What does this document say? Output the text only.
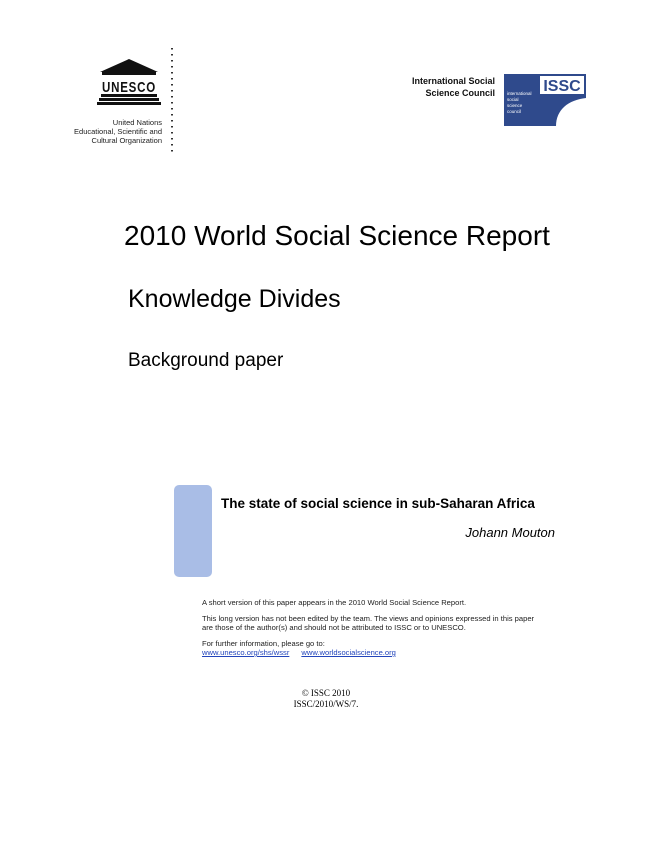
UNESCO
United Nations
Educational, Scientific and
Cultural Organization
International Social
Science Council	ISSC
international
social
science
council
2010 World Social Science Report
Knowledge Divides
Background paper
The state of social science in sub-Saharan Africa
Johann Mouton

A short version of this paper appears in the 2010 World Social Science Report.

This long version has not been edited by the team. The views and opinions expressed in this paper
are those of the author(s) and should not be attributed to ISSC or to UNESCO.

For further information, please go to:

www.unesco.org/shs/wssr www.worldsocialscience.org

© ISSC 2010
ISSC/2010/WS/7.
